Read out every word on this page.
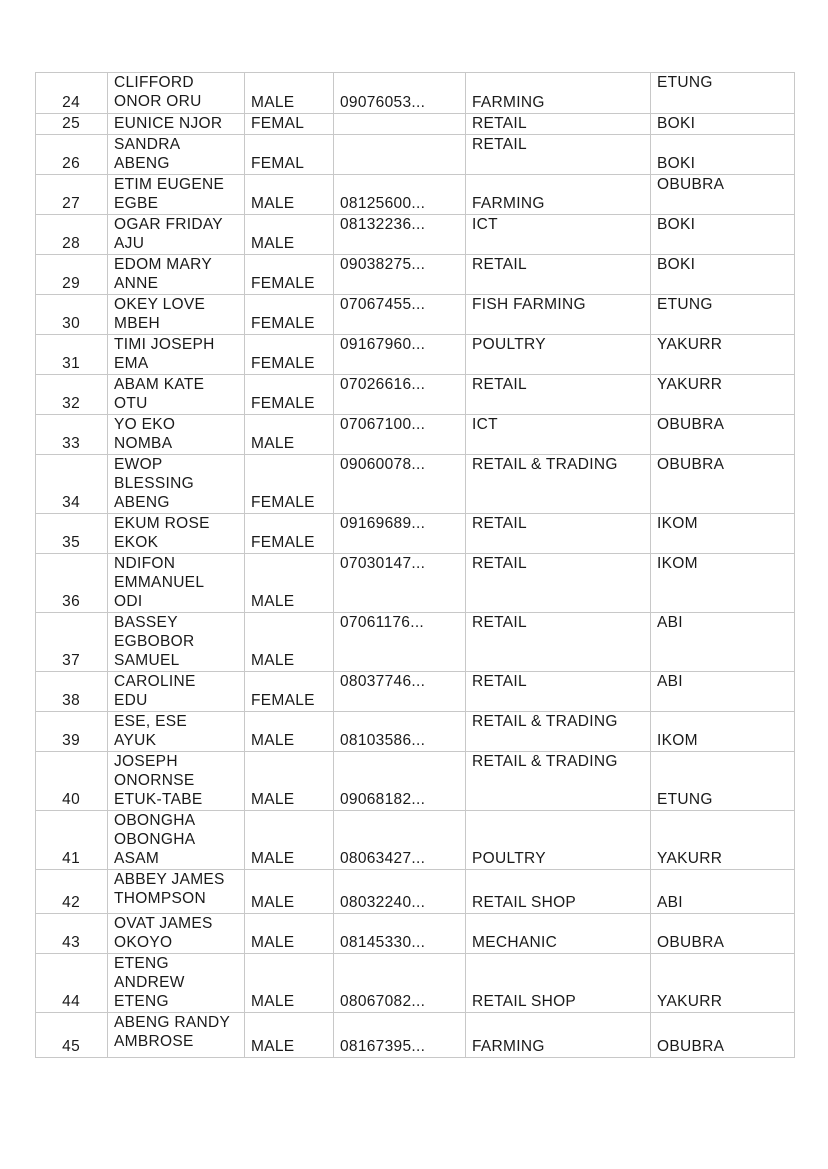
24	CLIFFORD
ONOR ORU	MALE	09076053...	FARMING	ETUNG
25	EUNICE NJOR	FEMAL		RETAIL	BOKI
26	SANDRA
ABENG	FEMAL		RETAIL	BOKI
27	ETIM EUGENE
EGBE	MALE	08125600...	FARMING	OBUBRA
28	OGAR FRIDAY
AJU	MALE	08132236...	ICT	BOKI
29	EDOM MARY
ANNE	FEMALE	09038275...	RETAIL	BOKI
30	OKEY LOVE
MBEH	FEMALE	07067455...	FISH FARMING	ETUNG
31	TIMI JOSEPH
EMA	FEMALE	09167960...	POULTRY	YAKURR
32	ABAM KATE
OTU	FEMALE	07026616...	RETAIL	YAKURR
33	YO EKO
NOMBA	MALE	07067100...	ICT	OBUBRA
34	EWOP
BLESSING
ABENG	FEMALE	09060078...	RETAIL & TRADING	OBUBRA
35	EKUM ROSE
EKOK	FEMALE	09169689...	RETAIL	IKOM
36	NDIFON
EMMANUEL
ODI	MALE	07030147...	RETAIL	IKOM
37	BASSEY
EGBOBOR
SAMUEL	MALE	07061176...	RETAIL	ABI
38	CAROLINE
EDU	FEMALE	08037746...	RETAIL	ABI
39	ESE, ESE
AYUK	MALE	08103586...	RETAIL & TRADING	IKOM
40	JOSEPH
ONORNSE
ETUK-TABE	MALE	09068182...	RETAIL & TRADING	ETUNG
41	OBONGHA
OBONGHA
ASAM	MALE	08063427...	POULTRY	YAKURR
42	ABBEY JAMES
THOMPSON	MALE	08032240...	RETAIL SHOP	ABI
43	OVAT JAMES
OKOYO	MALE	08145330...	MECHANIC	OBUBRA
44	ETENG
ANDREW
ETENG	MALE	08067082...	RETAIL SHOP	YAKURR
45	ABENG RANDY
AMBROSE	MALE	08167395...	FARMING	OBUBRA
